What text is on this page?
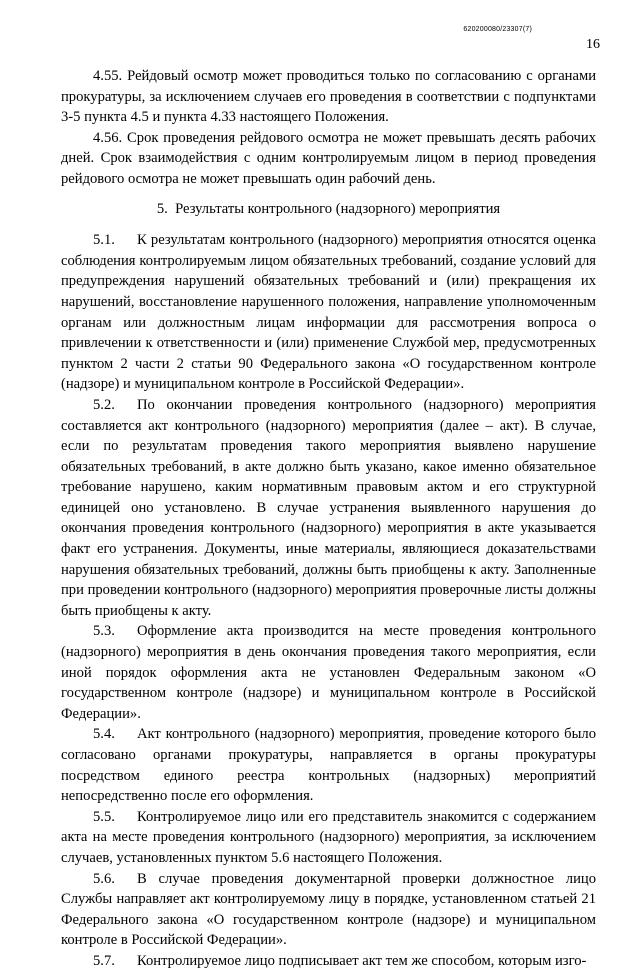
620200080/23307(7)
16

4.55. Рейдовый осмотр может проводиться только по согласованию с органами прокуратуры, за исключением случаев его проведения в соответствии с подпунктами 3-5 пункта 4.5 и пункта 4.33 настоящего Положения.

4.56. Срок проведения рейдового осмотра не может превышать десять рабочих дней. Срок взаимодействия с одним контролируемым лицом в период проведения рейдового осмотра не может превышать один рабочий день.

5.  Результаты контрольного (надзорного) мероприятия

5.1. К результатам контрольного (надзорного) мероприятия относятся оценка соблюдения контролируемым лицом обязательных требований, создание условий для предупреждения нарушений обязательных требований и (или) прекращения их нарушений, восстановление нарушенного положения, направление уполномоченным органам или должностным лицам информации для рассмотрения вопроса о привлечении к ответственности и (или) применение Службой мер, предусмотренных пунктом 2 части 2 статьи 90 Федерального закона «О государственном контроле (надзоре) и муниципальном контроле в Российской Федерации».

5.2. По окончании проведения контрольного (надзорного) мероприятия составляется акт контрольного (надзорного) мероприятия (далее – акт). В случае, если по результатам проведения такого мероприятия выявлено нарушение обязательных требований, в акте должно быть указано, какое именно обязательное требование нарушено, каким нормативным правовым актом и его структурной единицей оно установлено. В случае устранения выявленного нарушения до окончания проведения контрольного (надзорного) мероприятия в акте указывается факт его устранения. Документы, иные материалы, являющиеся доказательствами нарушения обязательных требований, должны быть приобщены к акту. Заполненные при проведении контрольного (надзорного) мероприятия проверочные листы должны быть приобщены к акту.

5.3. Оформление акта производится на месте проведения контрольного (надзорного) мероприятия в день окончания проведения такого мероприятия, если иной порядок оформления акта не установлен Федеральным законом «О государственном контроле (надзоре) и муниципальном контроле в Российской Федерации».

5.4. Акт контрольного (надзорного) мероприятия, проведение которого было согласовано органами прокуратуры, направляется в органы прокуратуры посредством единого реестра контрольных (надзорных) мероприятий непосредственно после его оформления.

5.5. Контролируемое лицо или его представитель знакомится с содержанием акта на месте проведения контрольного (надзорного) мероприятия, за исключением случаев, установленных пунктом 5.6 настоящего Положения.

5.6. В случае проведения документарной проверки должностное лицо Службы направляет акт контролируемому лицу в порядке, установленном статьей 21 Федерального закона «О государственном контроле (надзоре) и муниципальном контроле в Российской Федерации».

5.7. Контролируемое лицо подписывает акт тем же способом, которым изго-
